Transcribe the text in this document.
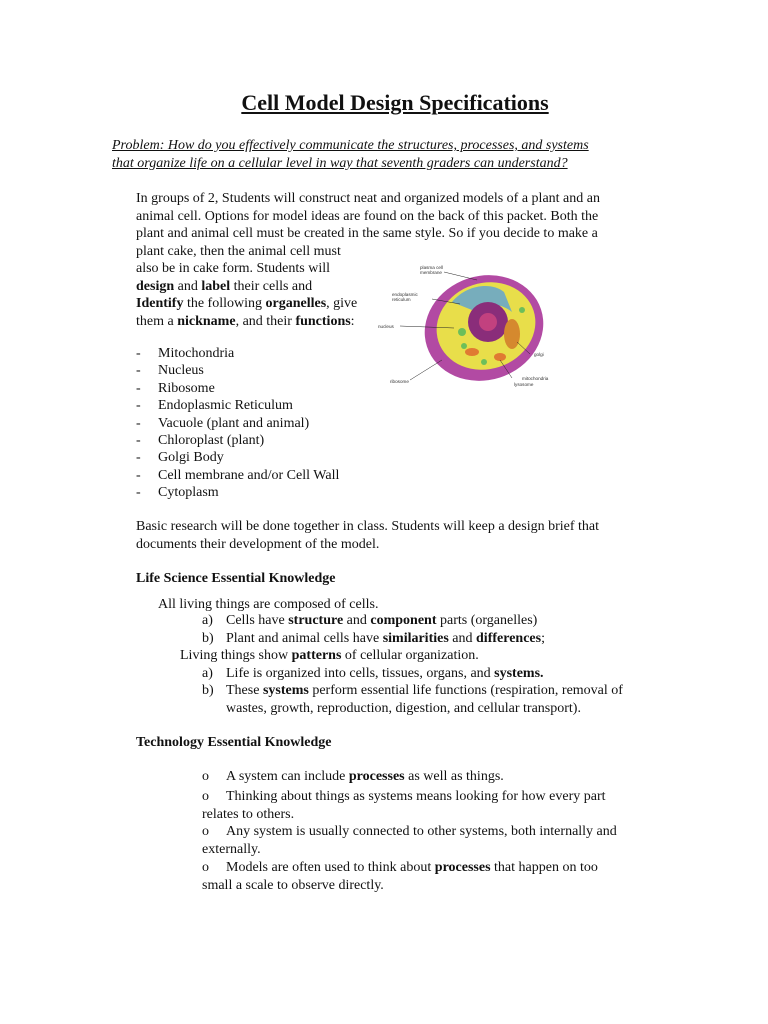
Cell Model Design Specifications
Problem: How do you effectively communicate the structures, processes, and systems
that organize life on a cellular level in way that seventh graders can understand?
In groups of 2, Students will construct neat and organized models of a plant and an
animal cell. Options for model ideas are found on the back of this packet. Both the
plant and animal cell must be created in the same style. So if you decide to make a
plant cake, then the animal cell must
also be in cake form. Students will
design and label their cells and
Identify the following organelles, give
them a nickname, and their functions:
plasma cell
membrane
endoplasmic
reticulum
nucleus
golgi
mitochondria
lysosome
ribosome
- Mitochondria
- Nucleus
- Ribosome
- Endoplasmic Reticulum
- Vacuole (plant and animal)
- Chloroplast (plant)
- Golgi Body
- Cell membrane and/or Cell Wall
- Cytoplasm
Basic research will be done together in class. Students will keep a design brief that
documents their development of the model.
Life Science Essential Knowledge
All living things are composed of cells.
a) Cells have structure and component parts (organelles)
b) Plant and animal cells have similarities and differences;
Living things show patterns of cellular organization.
a) Life is organized into cells, tissues, organs, and systems.
b) These systems perform essential life functions (respiration, removal of
wastes, growth, reproduction, digestion, and cellular transport).
Technology Essential Knowledge
o A system can include processes as well as things.
o Thinking about things as systems means looking for how every part
relates to others.
o Any system is usually connected to other systems, both internally and
externally.
o Models are often used to think about processes that happen on too
small a scale to observe directly.
